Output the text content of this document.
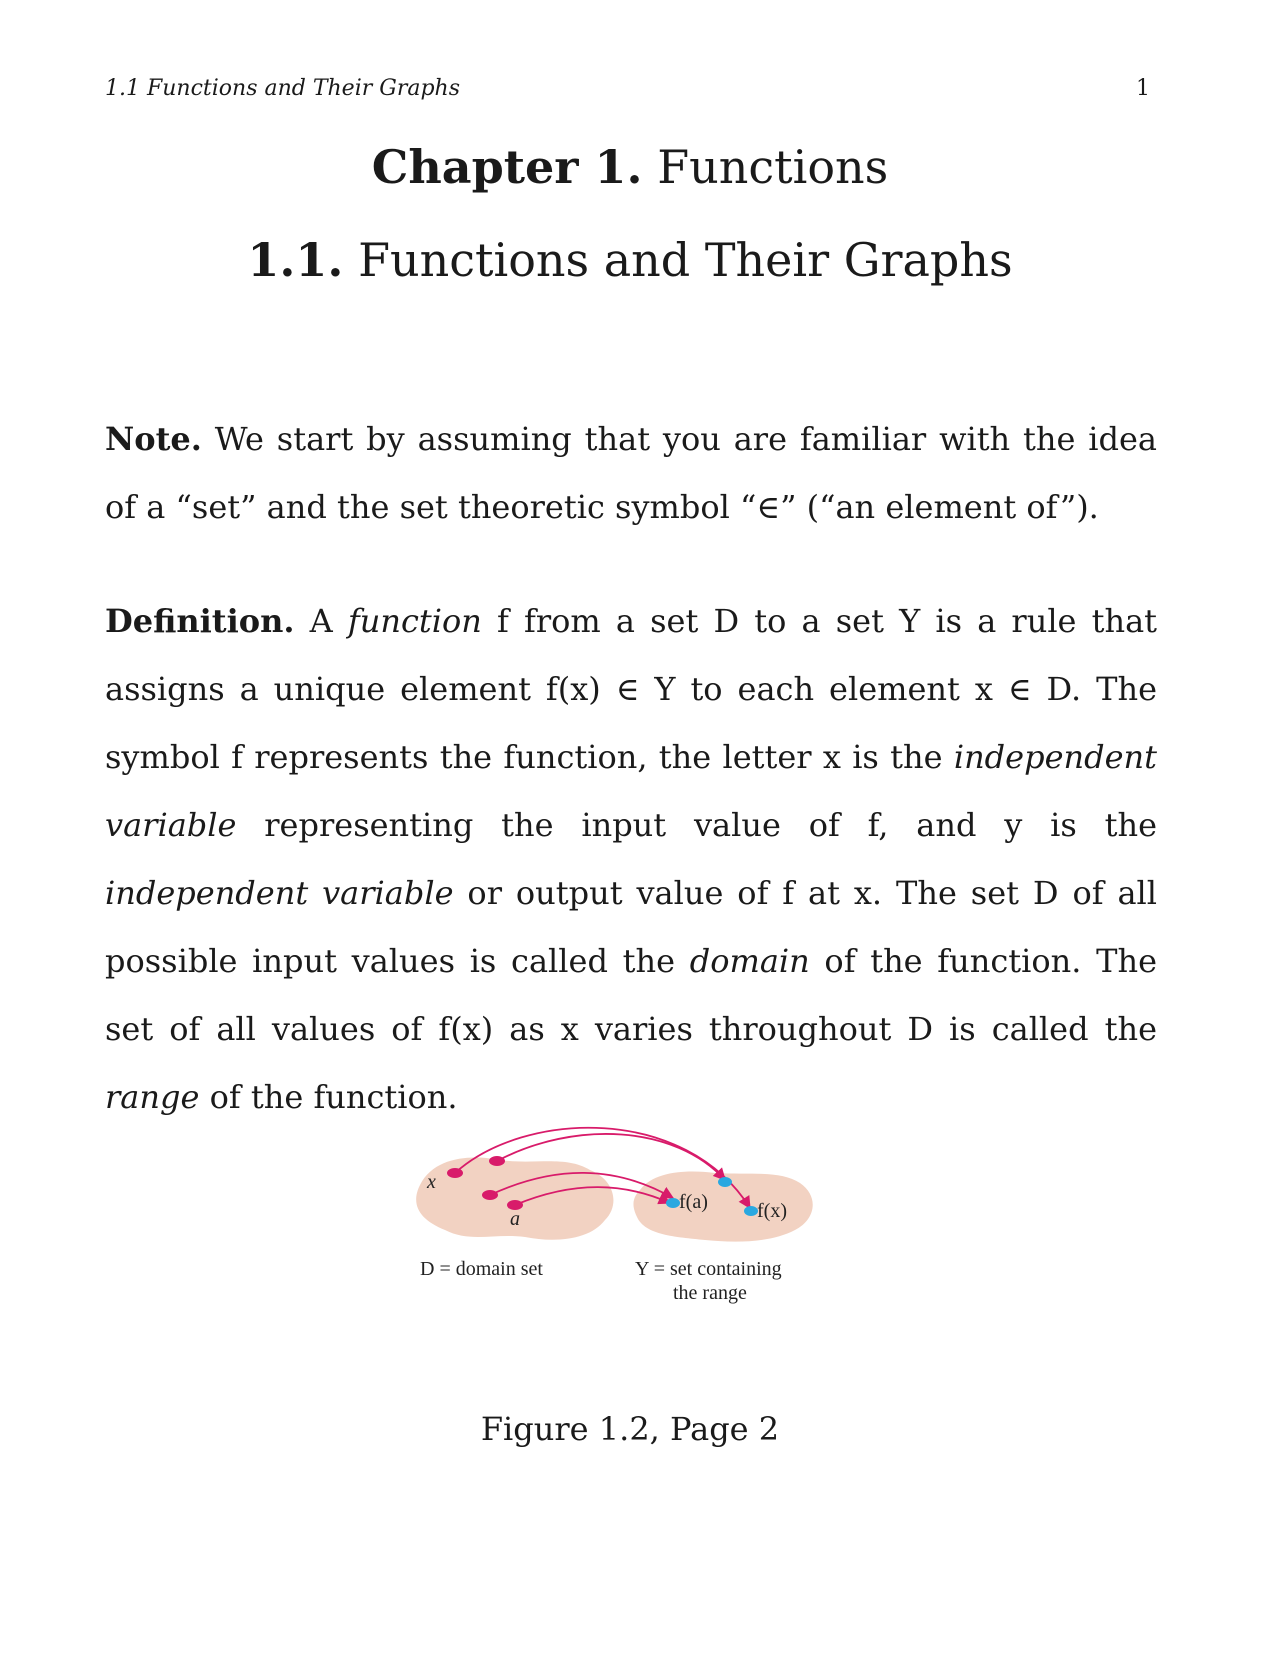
1.1 Functions and Their Graphs	1
Chapter 1. Functions
1.1. Functions and Their Graphs
Note. We start by assuming that you are familiar with the idea of a “set” and the set theoretic symbol “∈” (“an element of”).
Definition. A function f from a set D to a set Y is a rule that assigns a unique element f(x) ∈ Y to each element x ∈ D. The symbol f represents the function, the letter x is the independent variable representing the input value of f, and y is the independent variable or output value of f at x. The set D of all possible input values is called the domain of the function. The set of all values of f(x) as x varies throughout D is called the range of the function.
x
a
f(a) f(x)
D = domain set	Y = set containing
the range
Figure 1.2, Page 2
